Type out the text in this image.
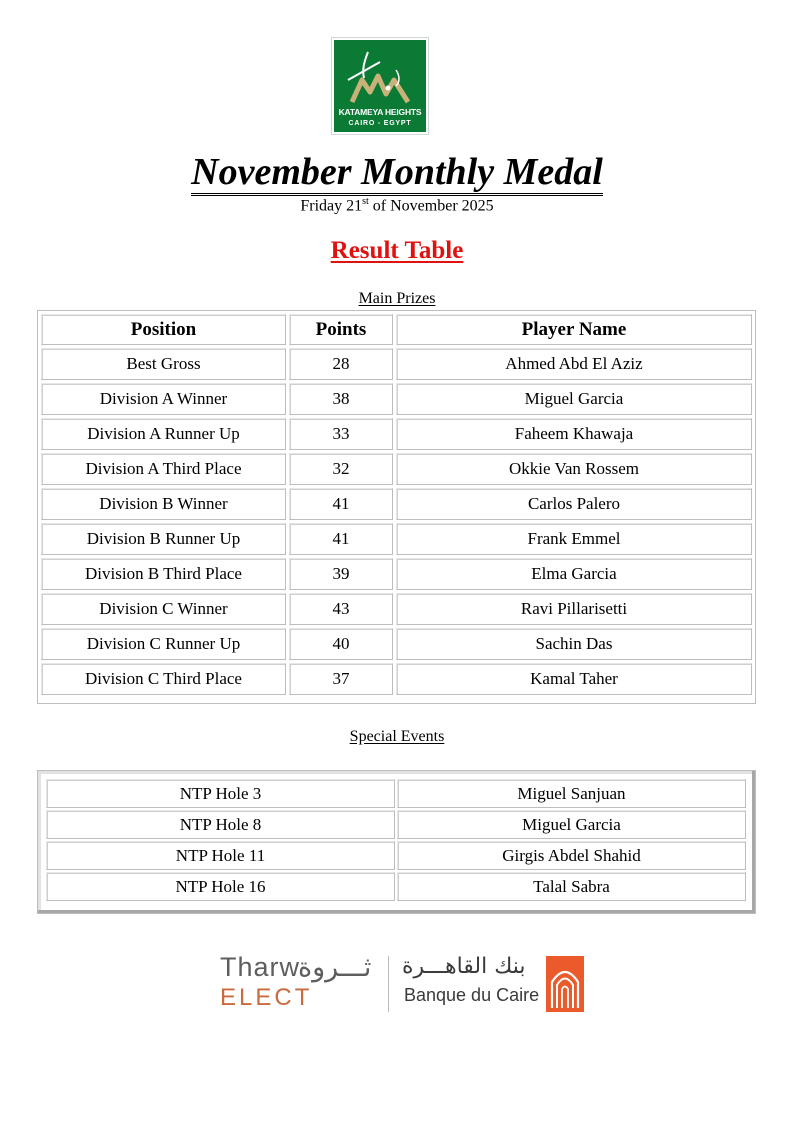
KATAMEYA HEIGHTS
CAIRO - EGYPT
November Monthly Medal
Friday 21st of November 2025
Result Table
Main Prizes
Position	Points	Player Name
Best Gross	28	Ahmed Abd El Aziz
Division A Winner	38	Miguel Garcia
Division A Runner Up	33	Faheem Khawaja
Division A Third Place	32	Okkie Van Rossem
Division B Winner	41	Carlos Palero
Division B Runner Up	41	Frank Emmel
Division B Third Place	39	Elma Garcia
Division C Winner	43	Ravi Pillarisetti
Division C Runner Up	40	Sachin Das
Division C Third Place	37	Kamal Taher
Special Events
NTP Hole 3	Miguel Sanjuan
NTP Hole 8	Miguel Garcia
NTP Hole 11	Girgis Abdel Shahid
NTP Hole 16	Talal Sabra
Tharw
ثـــروة
ELECT
بنك القاهـــرة
Banque du Caire
